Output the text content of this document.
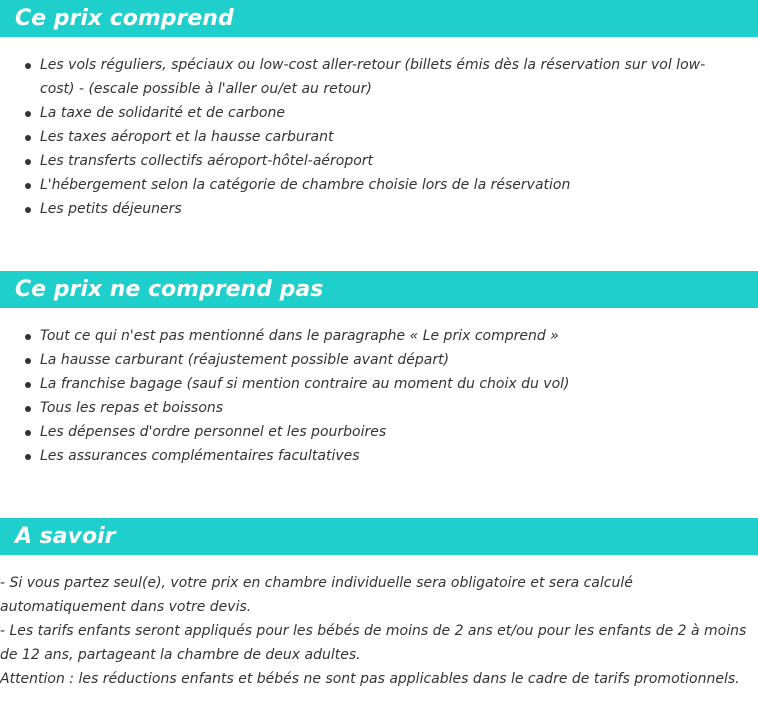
Ce prix comprend
Les vols réguliers, spéciaux ou low-cost aller-retour (billets émis dès la réservation sur vol low-cost) - (escale possible à l'aller ou/et au retour)
La taxe de solidarité et de carbone
Les taxes aéroport et la hausse carburant
Les transferts collectifs aéroport-hôtel-aéroport
L'hébergement selon la catégorie de chambre choisie lors de la réservation
Les petits déjeuners
Ce prix ne comprend pas
Tout ce qui n'est pas mentionné dans le paragraphe « Le prix comprend »
La hausse carburant (réajustement possible avant départ)
La franchise bagage (sauf si mention contraire au moment du choix du vol)
Tous les repas et boissons
Les dépenses d'ordre personnel et les pourboires
Les assurances complémentaires facultatives
A savoir

- Si vous partez seul(e), votre prix en chambre individuelle sera obligatoire et sera calculé automatiquement dans votre devis.

- Les tarifs enfants seront appliqués pour les bébés de moins de 2 ans et/ou pour les enfants de 2 à moins de 12 ans, partageant la chambre de deux adultes.

Attention : les réductions enfants et bébés ne sont pas applicables dans le cadre de tarifs promotionnels.
